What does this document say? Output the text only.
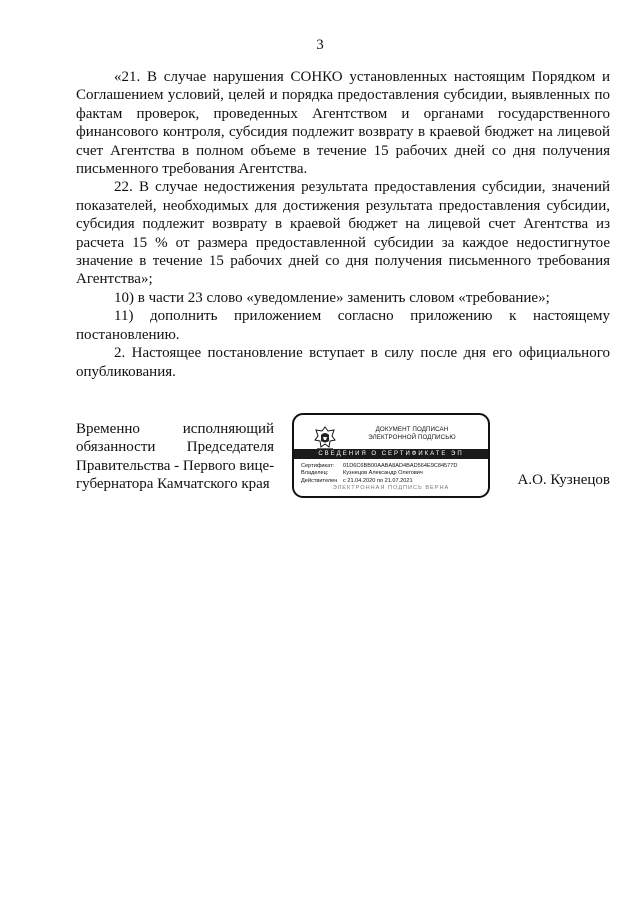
3

«21. В случае нарушения СОНКО установленных настоящим Порядком и Соглашением условий, целей и порядка предоставления субсидии, выявленных по фактам проверок, проведенных Агентством и органами государственного финансового контроля, субсидия подлежит возврату в краевой бюджет на лицевой счет Агентства в полном объеме в течение 15 рабочих дней со дня получения письменного требования Агентства.

22. В случае недостижения результата предоставления субсидии, значений показателей, необходимых для достижения результата предоставления субсидии, субсидия подлежит возврату в краевой бюджет на лицевой счет Агентства из расчета 15 % от размера предоставленной субсидии за каждое недостигнутое значение в течение 15 рабочих дней со дня получения письменного требования Агентства»;

10) в части 23 слово «уведомление» заменить словом «требование»;

11) дополнить приложением согласно приложению к настоящему постановлению.

2. Настоящее постановление вступает в силу после дня его официального опубликования.

Временно исполняющий
обязанности Председателя
Правительства - Первого вице-
губернатора Камчатского края
ДОКУМЕНТ ПОДПИСАН
ЭЛЕКТРОННОЙ ПОДПИСЬЮ
СВЕДЕНИЯ О СЕРТИФИКАТЕ ЭП
Сертификат:	01D6C6BB00AABA8AD4BAD564E9C84577D
Владелец:	Кузнецов Александр Олегович
Действителен	с 21.04.2020 по 21.07.2021
ЭЛЕКТРОННАЯ ПОДПИСЬ ВЕРНА	А.О. Кузнецов
